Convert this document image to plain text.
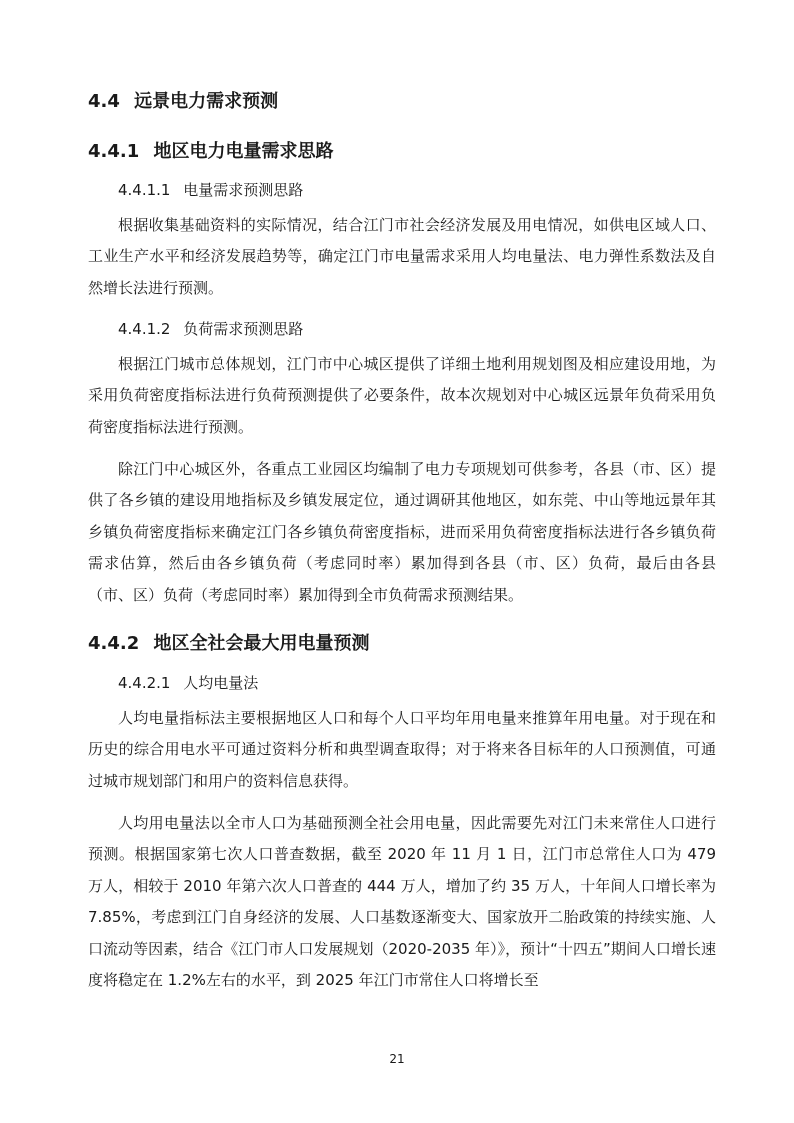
4.4 远景电力需求预测
4.4.1 地区电力电量需求思路
4.4.1.1 电量需求预测思路

根据收集基础资料的实际情况，结合江门市社会经济发展及用电情况，如供电区域人口、工业生产水平和经济发展趋势等，确定江门市电量需求采用人均电量法、电力弹性系数法及自然增长法进行预测。

4.4.1.2 负荷需求预测思路

根据江门城市总体规划，江门市中心城区提供了详细土地利用规划图及相应建设用地，为采用负荷密度指标法进行负荷预测提供了必要条件，故本次规划对中心城区远景年负荷采用负荷密度指标法进行预测。

除江门中心城区外，各重点工业园区均编制了电力专项规划可供参考，各县（市、区）提供了各乡镇的建设用地指标及乡镇发展定位，通过调研其他地区，如东莞、中山等地远景年其乡镇负荷密度指标来确定江门各乡镇负荷密度指标，进而采用负荷密度指标法进行各乡镇负荷需求估算，然后由各乡镇负荷（考虑同时率）累加得到各县（市、区）负荷，最后由各县（市、区）负荷（考虑同时率）累加得到全市负荷需求预测结果。

4.4.2 地区全社会最大用电量预测
4.4.2.1 人均电量法

人均电量指标法主要根据地区人口和每个人口平均年用电量来推算年用电量。对于现在和历史的综合用电水平可通过资料分析和典型调查取得；对于将来各目标年的人口预测值，可通过城市规划部门和用户的资料信息获得。

人均用电量法以全市人口为基础预测全社会用电量，因此需要先对江门未来常住人口进行预测。根据国家第七次人口普查数据，截至 2020 年 11 月 1 日，江门市总常住人口为 479 万人，相较于 2010 年第六次人口普查的 444 万人，增加了约 35 万人，十年间人口增长率为 7.85%，考虑到江门自身经济的发展、人口基数逐渐变大、国家放开二胎政策的持续实施、人口流动等因素，结合《江门市人口发展规划（2020-2035 年）》，预计“十四五”期间人口增长速度将稳定在 1.2%左右的水平，到 2025 年江门市常住人口将增长至

21
